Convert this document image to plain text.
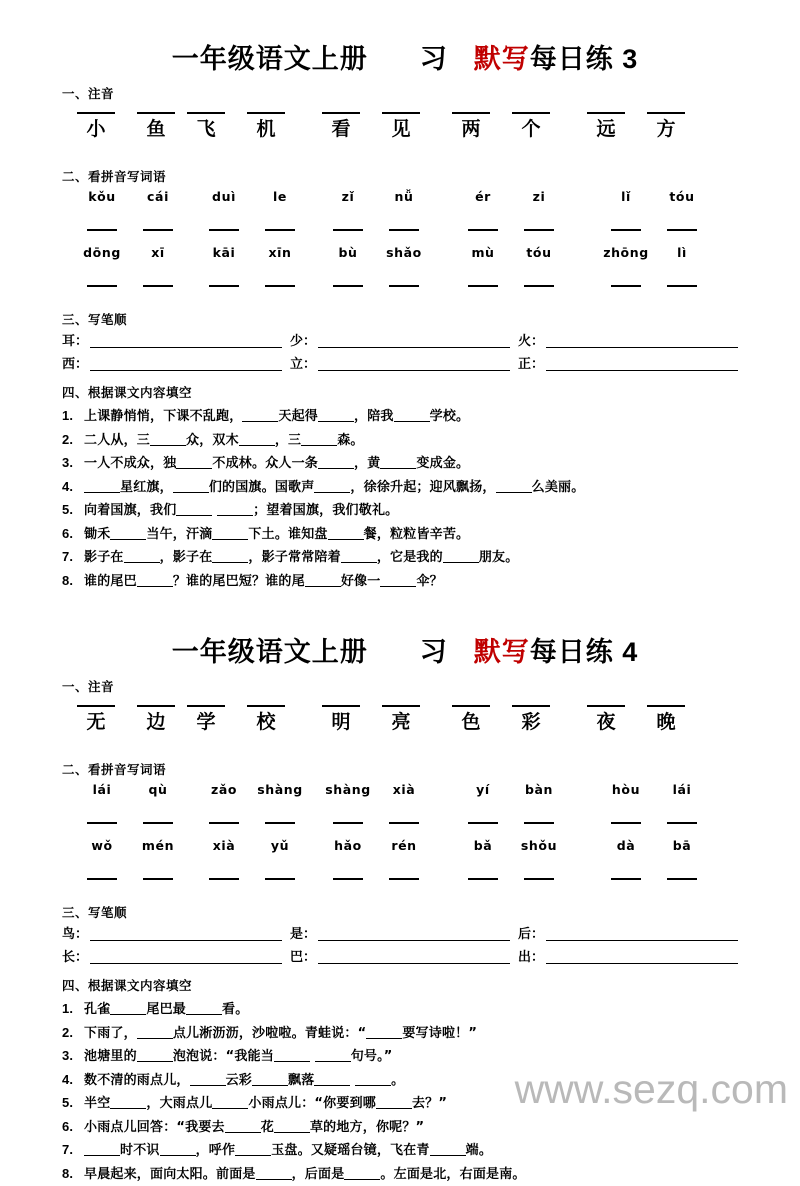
www.sezq.com
一年级语文上册 习 默写每日练 3
一、注音
小	鱼	飞	机	看	见	两	个	远	方
二、看拼音写词语
kǒu	cái	duì	le	zǐ	nǚ	ér	zi	lǐ	tóu
dōng	xī	kāi	xīn	bù	shǎo	mù	tóu	zhōng	lì
三、写笔顺
耳：	少：	火：
西：	立：	正：
四、根据课文内容填空
1. 上课静悄悄，下课不乱跑，	天起得	，陪我	学校。
2. 二人从，三	众，双木	，三	森。
3. 一人不成众，独	不成林。众人一条	，黄	变成金。
4.	星红旗，	们的国旗。国歌声	，徐徐升起；迎风飘扬，	么美丽。
5. 向着国旗，我们	；望着国旗，我们敬礼。
6. 锄禾	当午，汗滴	下土。谁知盘	餐，粒粒皆辛苦。
7. 影子在	，影子在	，影子常常陪着	，它是我的	朋友。
8. 谁的尾巴	？谁的尾巴短？谁的尾	好像一	伞？
一年级语文上册 习 默写每日练 4
一、注音
无	边	学	校	明	亮	色	彩	夜	晚
二、看拼音写词语
lái	qù	zǎo	shàng	shàng	xià	yí	bàn	hòu	lái
wǒ	mén	xià	yǔ	hǎo	rén	bǎ	shǒu	dà	bā
三、写笔顺
鸟：	是：	后：
长：	巴：	出：
四、根据课文内容填空
1. 孔雀	尾巴最	看。
2. 下雨了，	点儿淅沥沥，沙啦啦。青蛙说：“	要写诗啦！”
3. 池塘里的	泡泡说：“我能当	句号。”
4. 数不清的雨点儿，	云彩	飘落	。
5. 半空	，大雨点儿	小雨点儿：“你要到哪	去？”
6. 小雨点儿回答：“我要去	花	草的地方，你呢？”
7.	时不识	，呼作	玉盘。又疑瑶台镜，飞在青	端。
8. 早晨起来，面向太阳。前面是	，后面是	。左面是北，右面是南。
